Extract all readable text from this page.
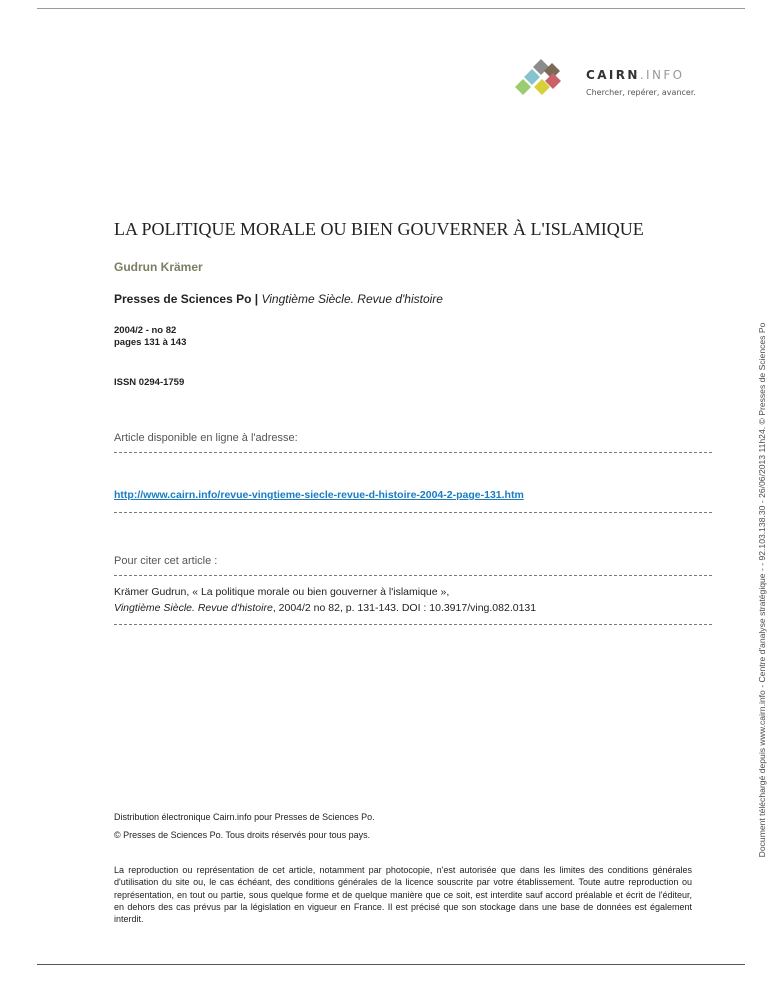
CAIRN.INFO
Chercher, repérer, avancer.
LA POLITIQUE MORALE OU BIEN GOUVERNER À L'ISLAMIQUE
Gudrun Krämer
Presses de Sciences Po | Vingtième Siècle. Revue d'histoire
2004/2 - no 82
pages 131 à 143
ISSN 0294-1759
Article disponible en ligne à l'adresse:
http://www.cairn.info/revue-vingtieme-siecle-revue-d-histoire-2004-2-page-131.htm
Pour citer cet article :
Krämer Gudrun, « La politique morale ou bien gouverner à l'islamique »,
Vingtième Siècle. Revue d'histoire, 2004/2 no 82, p. 131-143. DOI : 10.3917/ving.082.0131
Distribution électronique Cairn.info pour Presses de Sciences Po.
© Presses de Sciences Po. Tous droits réservés pour tous pays.
La reproduction ou représentation de cet article, notamment par photocopie, n'est autorisée que dans les limites des conditions générales d'utilisation du site ou, le cas échéant, des conditions générales de la licence souscrite par votre établissement. Toute autre reproduction ou représentation, en tout ou partie, sous quelque forme et de quelque manière que ce soit, est interdite sauf accord préalable et écrit de l'éditeur, en dehors des cas prévus par la législation en vigueur en France. Il est précisé que son stockage dans une base de données est également interdit.
Document téléchargé depuis www.cairn.info - Centre d'analyse stratégique - - 92.103.138.30 - 26/06/2013 11h24. © Presses de Sciences Po
